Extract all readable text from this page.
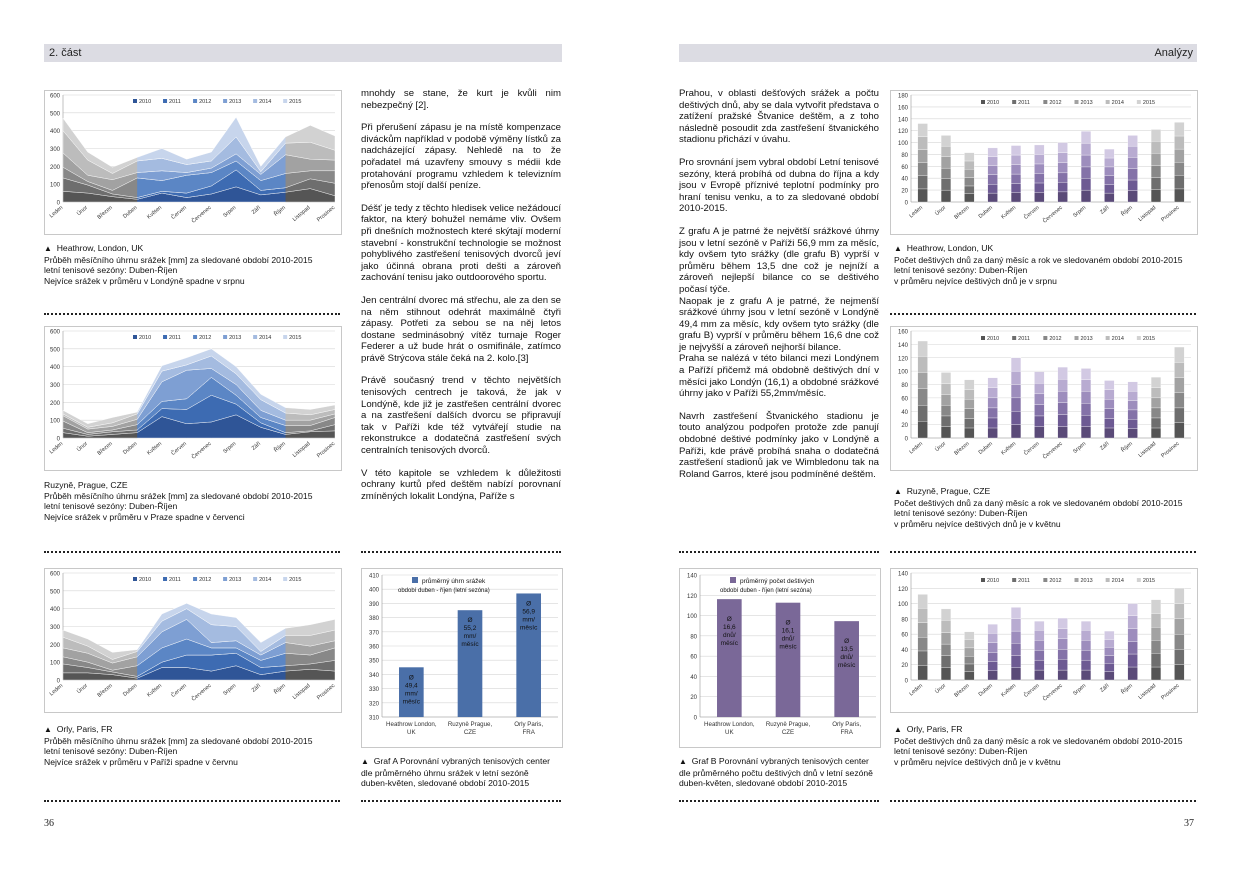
2. část	Analýzy
0
100
200
300
400
500
600
2010	2011	2012	2013	2014	2015
Leden Únor Březen Duben Květen Červen Červenec Srpen Září Říjen Listopad Prosinec
▲ Heathrow, London, UK
Průběh měsíčního úhrnu srážek [mm] za sledované období 2010-2015
letní tenisové sezóny: Duben-Říjen
Nejvíce srážek v průměru v Londýně spadne v srpnu
0
100
200
300
400
500
600
2010	2011	2012	2013	2014	2015
Leden Únor Březen Duben Květen Červen Červenec Srpen Září Říjen Listopad Prosinec
Ruzyně, Prague, CZE
Průběh měsíčního úhrnu srážek [mm] za sledované období 2010-2015
letní tenisové sezóny: Duben-Říjen
Nejvíce srážek v průměru v Praze spadne v červenci
0
100
200
300
400
500
600
2010	2011	2012	2013	2014	2015
Leden Únor Březen Duben Květen Červen Červenec Srpen Září Říjen Listopad Prosinec
▲ Orly, Paris, FR
Průběh měsíčního úhrnu srážek [mm] za sledované období 2010-2015
letní tenisové sezóny: Duben-Říjen
Nejvíce srážek v průměru v Paříži spadne v červnu

mnohdy se stane, že kurt je kvůli nim nebezpečný [2].

Při přerušení zápasu je na místě kompenzace diváckům například v podobě výměny lístků za nadcházející zápasy. Nehledě na to že pořadatel má uzavřeny smouvy s médii kde protahování programu vzhledem k televizním přenosům stojí další peníze.

Déšť je tedy z těchto hledisek velice nežádoucí faktor, na který bohužel nemáme vliv. Ovšem při dnešních možnostech které skýtají moderní stavební - konstrukční technologie se možnost pohyblivého zastřešení tenisových dvorců jeví jako účinná obrana proti dešti a zároveň zachování tenisu jako outdoorového sportu.

Jen centrální dvorec má střechu, ale za den se na něm stihnout odehrát maximálně čtyři zápasy. Potřeti za sebou se na něj letos dostane sedminásobný vítěz turnaje Roger Federer a už bude hrát o osmifinále, zatímco právě Strýcova stále čeká na 2. kolo.[3]

Právě současný trend v těchto největších tenisových centrech je taková, že jak v Londýně, kde již je zastřešen centrální dvorec a na zastřešení dalších dvorcu se připravují tak v Paříži kde též vytvářejí studie na rekonstrukce a dodatečná zastřešení svých centralních tenisových dvorců.

V této kapitole se vzhledem k důležitosti ochrany kurtů před deštěm nabízí porovnaní zmíněných lokalit Londýna, Paříže s

310
320
330
340
350
360
370
380
390
400
410
Ø
49,4
mm/
měsíc
Heathrow London,
UK
Ø
55,2
mm/
měsíc
Ruzyně Prague,
CZE
Ø
56,9
mm/
měsíc
Orly Paris,
FRA
průměrný úhrn srážek
období duben - říjen (letní sezóna)
▲ Graf A Porovnání vybraných tenisových center
dle průměrného úhrnu srážek v letní sezóně
duben-květen, sledované období 2010-2015
36

Prahou, v oblasti dešťových srážek a počtu deštivých dnů, aby se dala vytvořit představa o zatížení pražské Štvanice deštěm, a z toho následně posoudit zda zastřešení štvanického stadionu přichází v úvahu.

Pro srovnání jsem vybral období Letní tenisové sezóny, která probíhá od dubna do října a kdy jsou v Evropě příznivé teplotní podmínky pro hraní tenisu venku, a to za sledované období 2010-2015.

Z grafu A je patrné že největší srážkové úhrny jsou v letní sezóně v Paříži 56,9 mm za měsíc, kdy ovšem tyto srážky (dle grafu B) vyprší v průměru během 13,5 dne což je nejníží a zároveň nejlepší bilance co se deštivého počasí týče.

Naopak je z grafu A je patrné, že nejmenší srážkové úhrny jsou v letní sezóně v Londýně 49,4 mm za měsíc, kdy ovšem tyto srážky (dle grafu B) vyprší v průměru během 16,6 dne což je nejvyšší a zároveň nejhorší bilance.

Praha se nalézá v této bilanci mezi Londýnem a Paříží přičemž má obdobně deštivých dní v měsíci jako Londýn (16,1) a obdobné srážkové úhrny jako v Paříži 55,2mm/měsíc.

Navrh zastřešení Štvanického stadionu je touto analýzou podpořen protože zde panují obdobné deštivé podmínky jako v Londýně a Paříži, kde právě probíhá snaha o dodatečná zastřešení stadionů jak ve Wimbledonu tak na Roland Garros, které jsou podmíněné deštěm.

0
20
40
60
80
100
120
140
Ø
16,6
dnů/
měsíc
Heathrow London,
UK
Ø
16,1
dnů/
měsíc
Ruzyně Prague,
CZE
Ø
13,5
dnů/
měsíc
Orly Paris,
FRA
průměrný počet deštivých
období duben - říjen (letní sezóna)
▲ Graf B Porovnání vybraných tenisových center
dle průměrného počtu deštivých dnů v letní sezóně
duben-květen, sledované období 2010-2015
0
20
40
60
80
100
120
140
160
180
2010	2011	2012	2013	2014	2015
Leden Únor Březen Duben Květen Červen Červenec Srpen Září Říjen Listopad Prosinec
▲ Heathrow, London, UK
Počet deštivých dnů za daný měsíc a rok ve sledovaném období 2010-2015
letní tenisové sezóny: Duben-Říjen
v průměru nejvíce deštivých dnů je v srpnu
0
20
40
60
80
100
120
140
160
2010	2011	2012	2013	2014	2015
Leden Únor Březen Duben Květen Červen Červenec Srpen Září Říjen Listopad Prosinec
▲ Ruzyně, Prague, CZE
Počet deštivých dnů za daný měsíc a rok ve sledovaném období 2010-2015
letní tenisové sezóny: Duben-Říjen
v průměru nejvíce deštivých dnů je v květnu
0
20
40
60
80
100
120
140
2010	2011	2012	2013	2014	2015
Leden Únor Březen Duben Květen Červen Červenec Srpen Září Říjen Listopad Prosinec
▲ Orly, Paris, FR
Počet deštivých dnů za daný měsíc a rok ve sledovaném období 2010-2015
letní tenisové sezóny: Duben-Říjen
v průměru nejvíce deštivých dnů je v květnu
37
